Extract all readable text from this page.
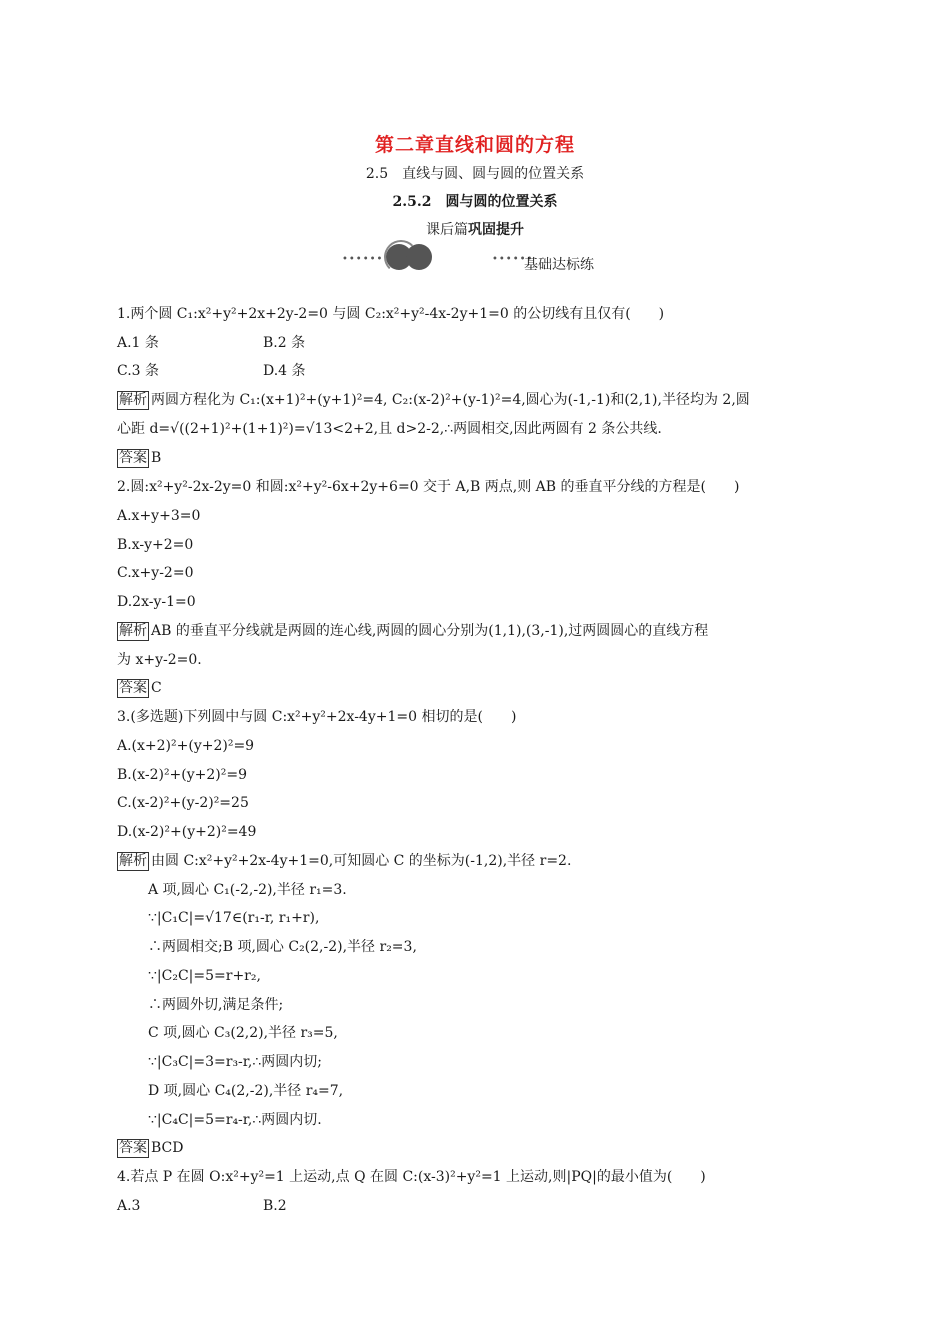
第二章直线和圆的方程
2.5　直线与圆、圆与圆的位置关系
2.5.2　圆与圆的位置关系
课后篇巩固提升
••••••	••••••
基础达标练
1.两个圆 C₁:x²+y²+2x+2y-2=0 与圆 C₂:x²+y²-4x-2y+1=0 的公切线有且仅有(　　)
A.1 条	B.2 条
C.3 条	D.4 条
解析 两圆方程化为 C₁:(x+1)²+(y+1)²=4, C₂:(x-2)²+(y-1)²=4,圆心为(-1,-1)和(2,1),半径均为 2,圆
心距 d=√((2+1)²+(1+1)²)=√13<2+2,且 d>2-2,∴两圆相交,因此两圆有 2 条公共线.
答案 B
2.圆:x²+y²-2x-2y=0 和圆:x²+y²-6x+2y+6=0 交于 A,B 两点,则 AB 的垂直平分线的方程是(　　)
A.x+y+3=0
B.x-y+2=0
C.x+y-2=0
D.2x-y-1=0
解析 AB 的垂直平分线就是两圆的连心线,两圆的圆心分别为(1,1),(3,-1),过两圆圆心的直线方程
为 x+y-2=0.
答案 C
3.(多选题)下列圆中与圆 C:x²+y²+2x-4y+1=0 相切的是(　　)
A.(x+2)²+(y+2)²=9
B.(x-2)²+(y+2)²=9
C.(x-2)²+(y-2)²=25
D.(x-2)²+(y+2)²=49
解析 由圆 C:x²+y²+2x-4y+1=0,可知圆心 C 的坐标为(-1,2),半径 r=2.
A 项,圆心 C₁(-2,-2),半径 r₁=3.
∵|C₁C|=√17∈(r₁-r, r₁+r),
∴两圆相交;B 项,圆心 C₂(2,-2),半径 r₂=3,
∵|C₂C|=5=r+r₂,
∴两圆外切,满足条件;
C 项,圆心 C₃(2,2),半径 r₃=5,
∵|C₃C|=3=r₃-r,∴两圆内切;
D 项,圆心 C₄(2,-2),半径 r₄=7,
∵|C₄C|=5=r₄-r,∴两圆内切.
答案 BCD
4.若点 P 在圆 O:x²+y²=1 上运动,点 Q 在圆 C:(x-3)²+y²=1 上运动,则|PQ|的最小值为(　　)
A.3	B.2
